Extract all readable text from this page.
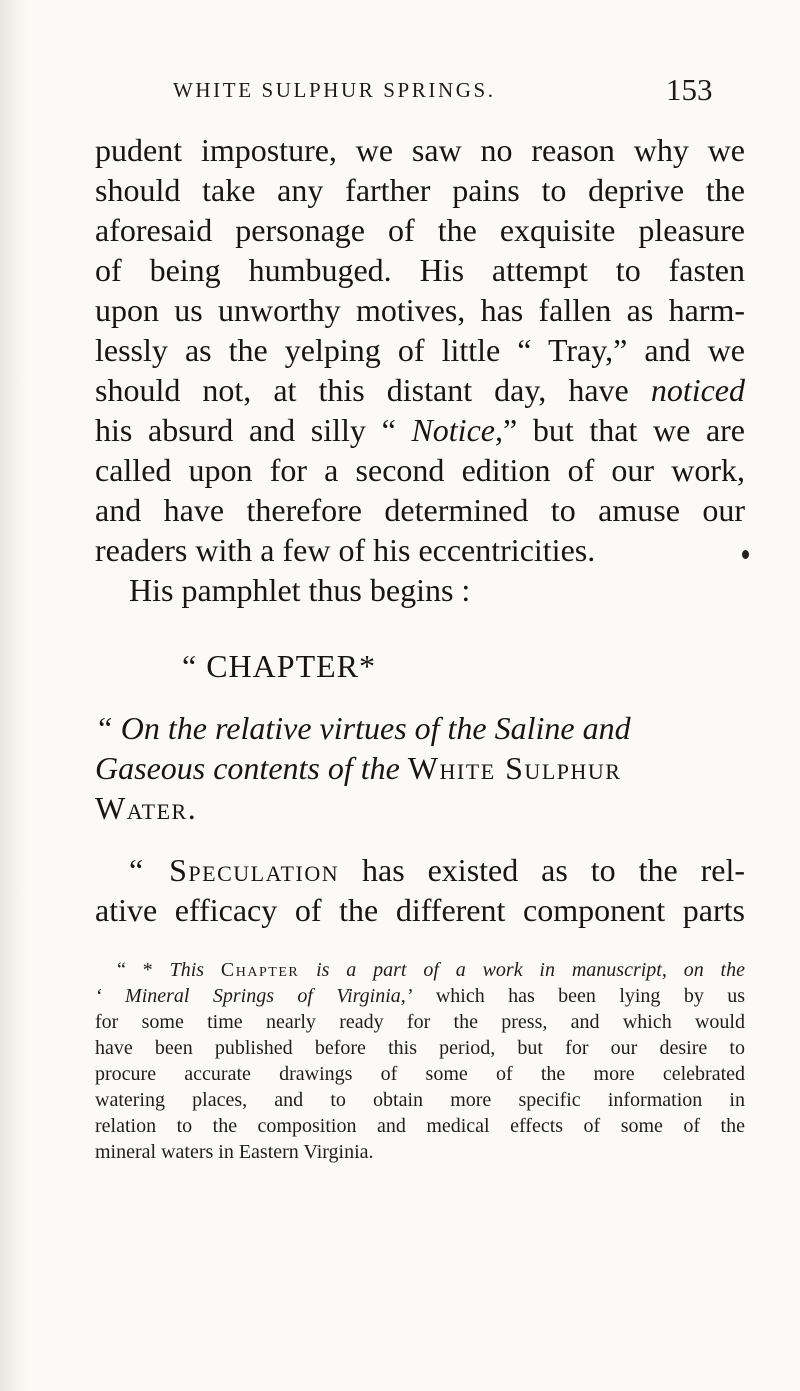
WHITE SULPHUR SPRINGS.	153
pudent imposture, we saw no reason why we
should take any farther pains to deprive the
aforesaid personage of the exquisite pleasure
of being humbuged. His attempt to fasten
upon us unworthy motives, has fallen as harm-
lessly as the yelping of little “ Tray,” and we
should not, at this distant day, have noticed
his absurd and silly “ Notice,” but that we are
called upon for a second edition of our work,
and have therefore determined to amuse our
readers with a few of his eccentricities.
His pamphlet thus begins :
“ CHAPTER*
“ On the relative virtues of the Saline and
Gaseous contents of the White Sulphur
Water.
“ Speculation has existed as to the rel-
ative efficacy of the different component parts
“ * This Chapter is a part of a work in manuscript, on the
‘ Mineral Springs of Virginia,’ which has been lying by us
for some time nearly ready for the press, and which would
have been published before this period, but for our desire to
procure accurate drawings of some of the more celebrated
watering places, and to obtain more specific information in
relation to the composition and medical effects of some of the
mineral waters in Eastern Virginia.
